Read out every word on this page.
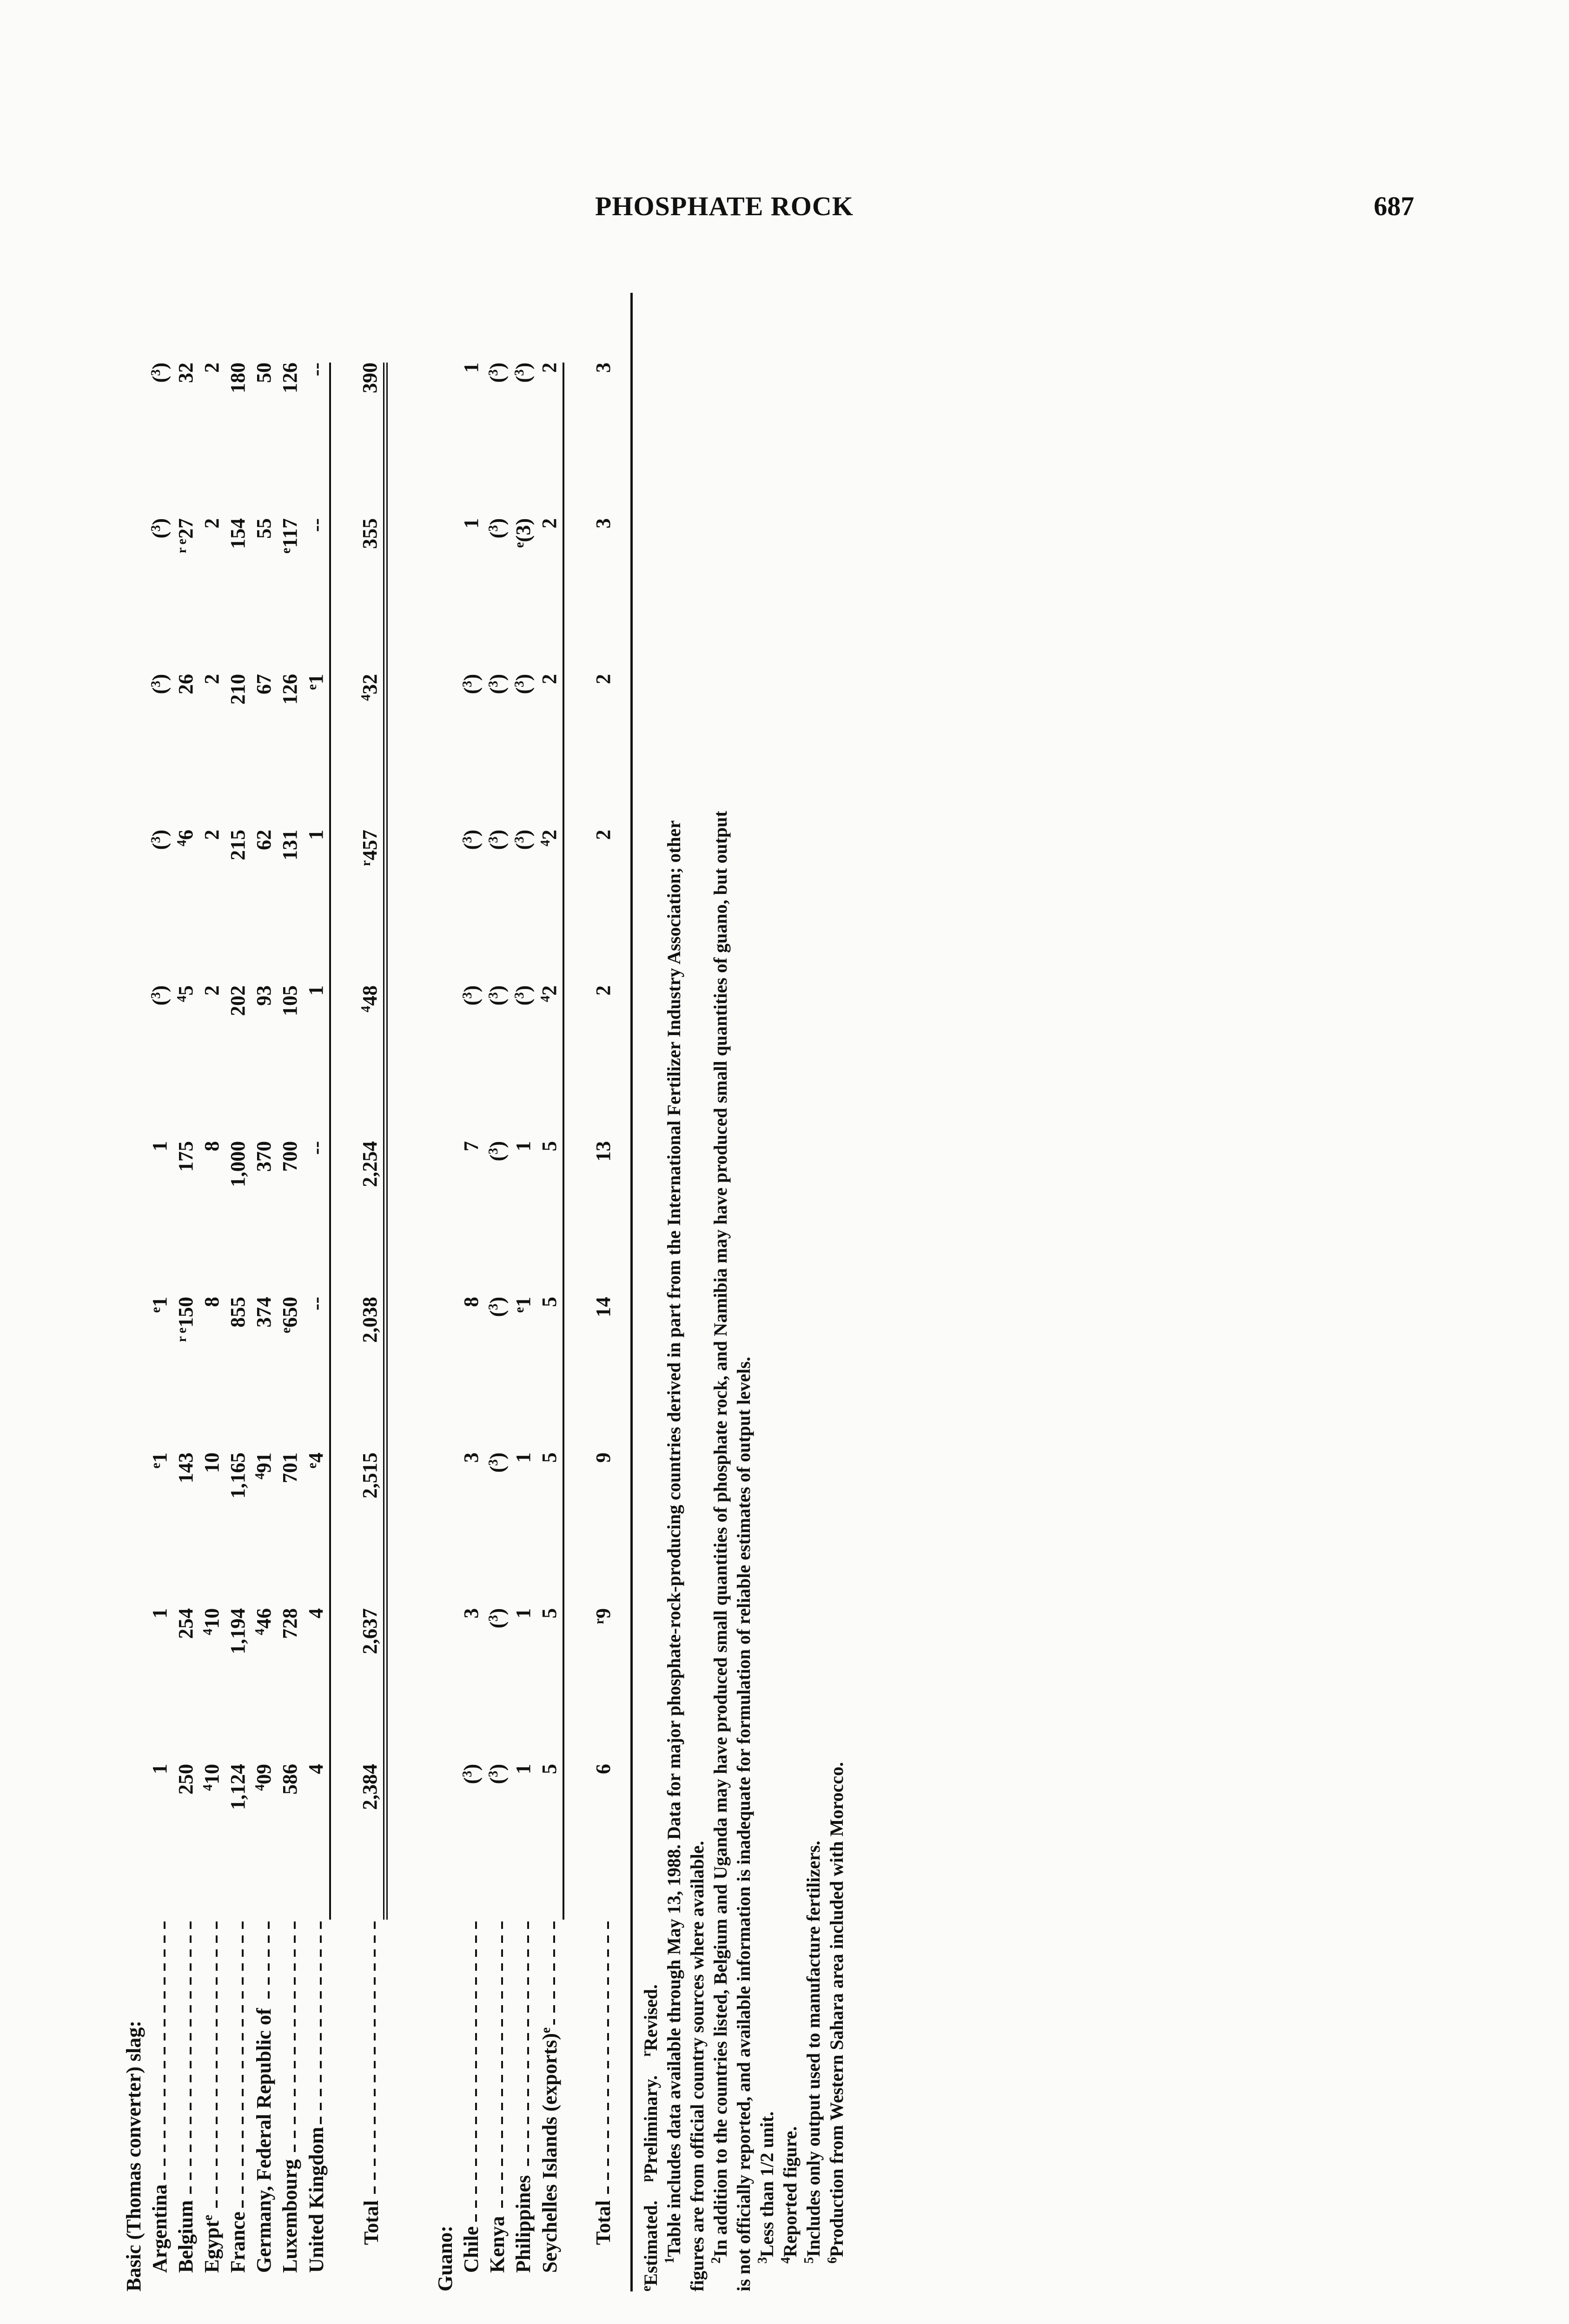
PHOSPHATE ROCK	687
Basic (Thomas converter) slag:										
Argentina	1	1	$^e$1	$^e$1	1	($^3$)	($^3$)	($^3$)	($^3$)	($^3$)
Belgium	250	254	143	$^{r e}$150	175	$^4$5	$^4$6	26	$^{r e}$27	32
Egypt$^e$	$^4$10	$^4$10	10	8	8	2	2	2	2	2
France	1,124	1,194	1,165	855	1,000	202	215	210	154	180
Germany, Federal Republic of	$^4$09	$^4$46	$^4$91	374	370	93	62	67	55	50
Luxembourg	586	728	701	$^e$650	700	105	131	126	$^e$117	126
United Kingdom	4	4	$^e$4	--	--	1	1	$^e$1	--	--

Total	2,384	2,637	2,515	2,038	2,254	$^4$48	$^r$457	$^4$32	355	390

Guano:										
Chile	($^3$)	3	3	8	7	($^3$)	($^3$)	($^3$)	1	1
Kenya	($^3$)	($^3$)	($^3$)	($^3$)	($^3$)	($^3$)	($^3$)	($^3$)	($^3$)	($^3$)
Philippines	1	1	1	$^e$1	1	($^3$)	($^3$)	($^3$)	$^e$(3)	($^3$)
Seychelles Islands (exports)$^e$	5	5	5	5	5	$^4$2	$^4$2	2	2	2

Total	6	$^r$9	9	14	13	2	2	2	3	3

$^e$Estimated.    $^p$Preliminary.    $^r$Revised.

$^1$Table includes data available through May 13, 1988. Data for major phosphate-rock-producing countries derived in part from the International Fertilizer Industry Association; other figures are from official country sources where available. $^2$In addition to the countries listed, Belgium and Uganda may have produced small quantities of phosphate rock, and Namibia may have produced small quantities of guano, but output is not officially reported, and available information is inadequate for formulation of reliable estimates of output levels. $^3$Less than 1/2 unit.

$^4$Reported figure.

$^5$Includes only output used to manufacture fertilizers.

$^6$Production from Western Sahara area included with Morocco.
